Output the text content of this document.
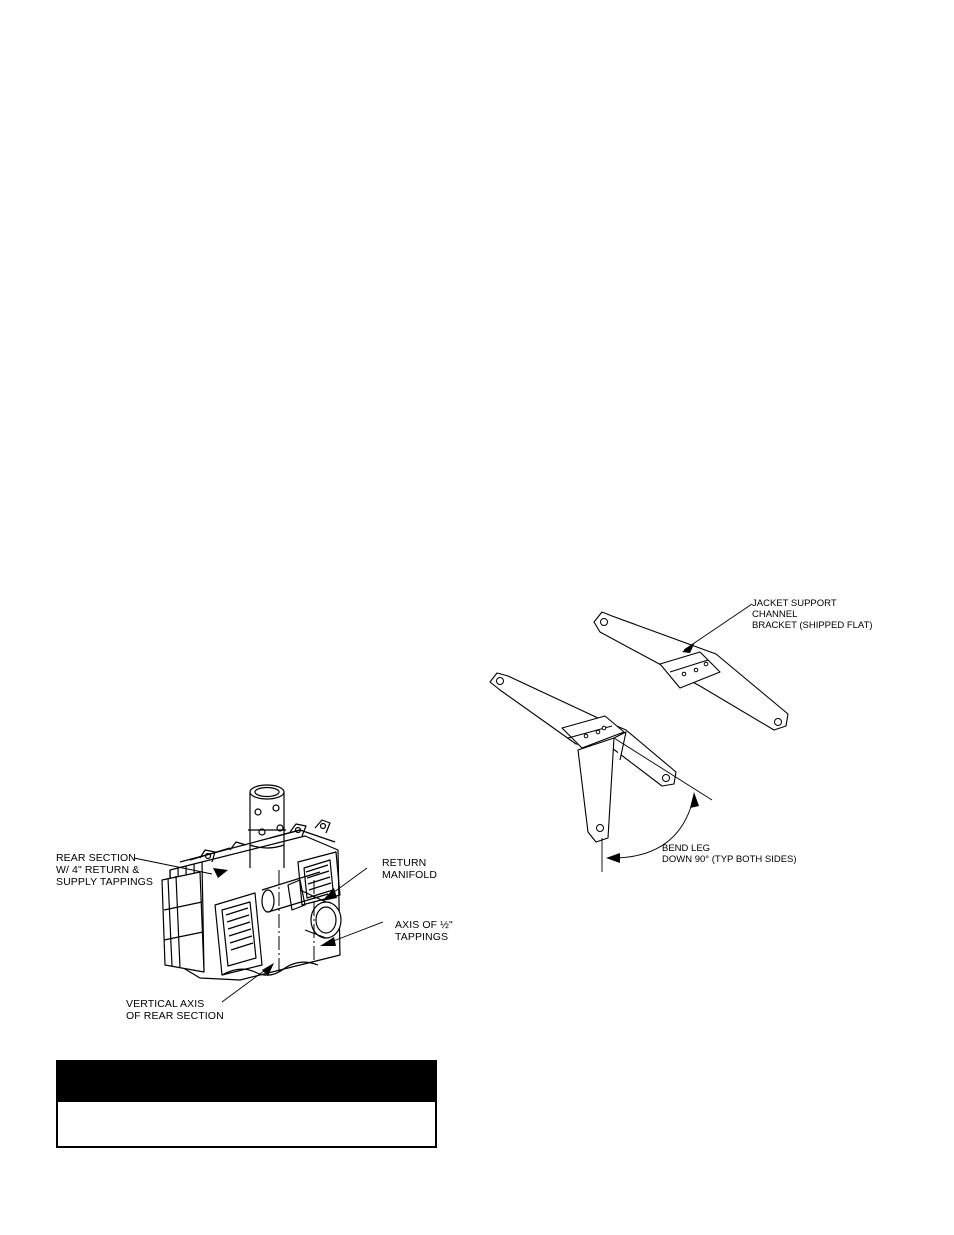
REAR SECTION
W/ 4" RETURN &
SUPPLY TAPPINGS
RETURN
MANIFOLD
AXIS OF ½"
TAPPINGS
VERTICAL AXIS
OF REAR SECTION
JACKET SUPPORT
CHANNEL
BRACKET (SHIPPED FLAT)
BEND LEG
DOWN 90° (TYP BOTH SIDES)
